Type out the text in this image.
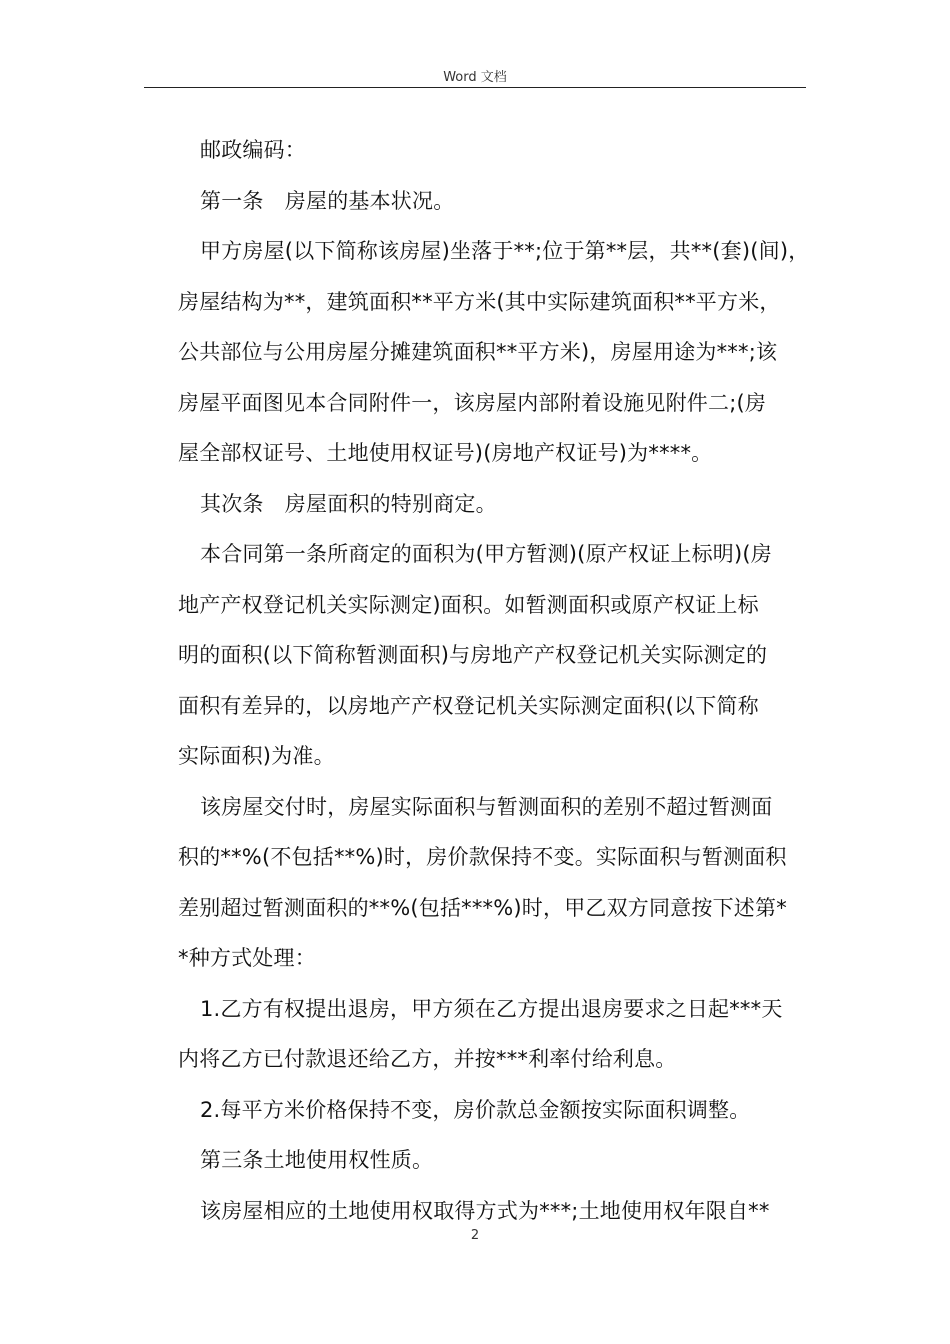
Word 文档
邮政编码：
第一条　房屋的基本状况。
甲方房屋(以下简称该房屋)坐落于**;位于第**层，共**(套)(间)，
房屋结构为**，建筑面积**平方米(其中实际建筑面积**平方米，
公共部位与公用房屋分摊建筑面积**平方米)，房屋用途为***;该
房屋平面图见本合同附件一，该房屋内部附着设施见附件二;(房
屋全部权证号、土地使用权证号)(房地产权证号)为****。
其次条　房屋面积的特别商定。
本合同第一条所商定的面积为(甲方暂测)(原产权证上标明)(房
地产产权登记机关实际测定)面积。如暂测面积或原产权证上标
明的面积(以下简称暂测面积)与房地产产权登记机关实际测定的
面积有差异的，以房地产产权登记机关实际测定面积(以下简称
实际面积)为准。
该房屋交付时，房屋实际面积与暂测面积的差别不超过暂测面
积的**%(不包括**%)时，房价款保持不变。实际面积与暂测面积
差别超过暂测面积的**%(包括***%)时，甲乙双方同意按下述第*
*种方式处理：
1.乙方有权提出退房，甲方须在乙方提出退房要求之日起***天
内将乙方已付款退还给乙方，并按***利率付给利息。
2.每平方米价格保持不变，房价款总金额按实际面积调整。
第三条土地使用权性质。
该房屋相应的土地使用权取得方式为***;土地使用权年限自**
2
